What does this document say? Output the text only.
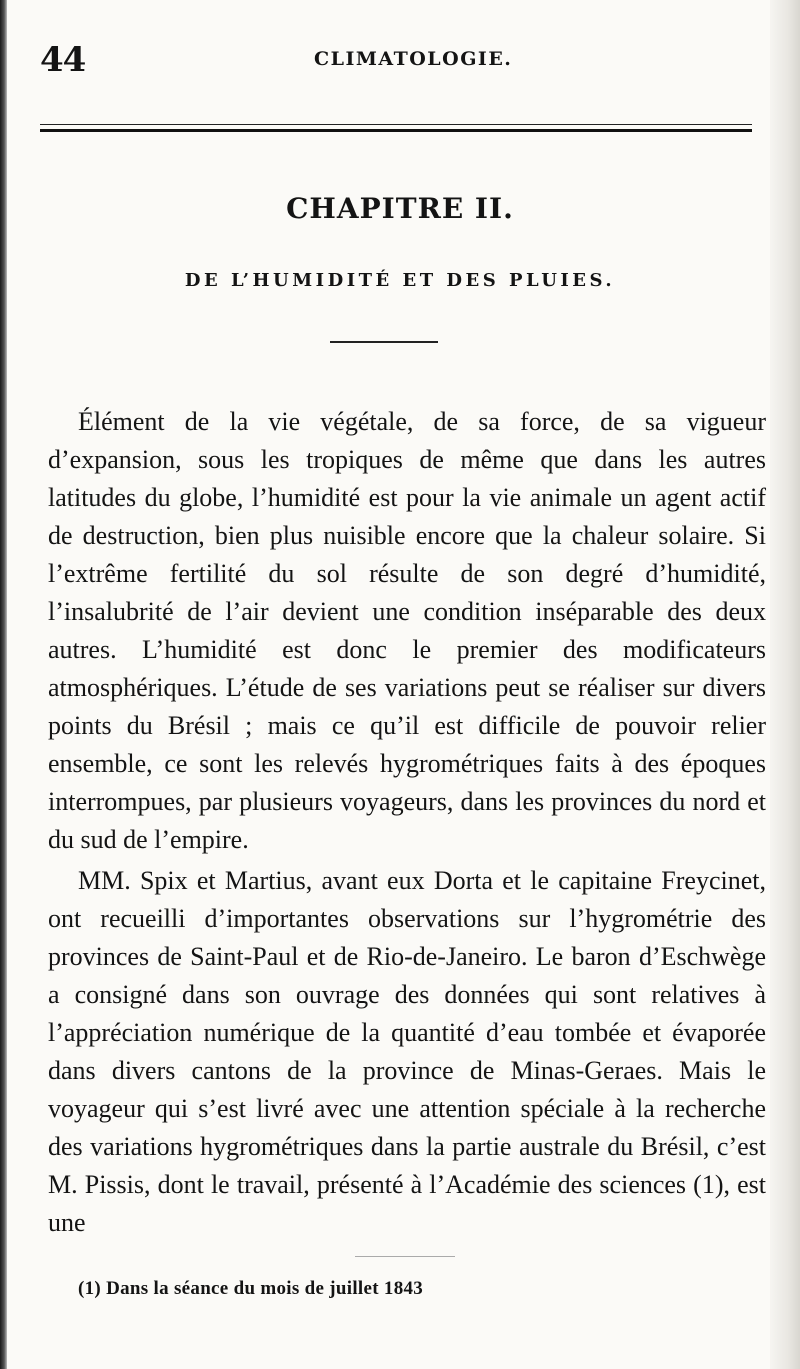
44	CLIMATOLOGIE.
CHAPITRE II.
DE L’HUMIDITÉ ET DES PLUIES.

Élément de la vie végétale, de sa force, de sa vigueur d’expansion, sous les tropiques de même que dans les autres latitudes du globe, l’humidité est pour la vie animale un agent actif de destruction, bien plus nuisible encore que la chaleur solaire. Si l’extrême fertilité du sol résulte de son degré d’humidité, l’insalubrité de l’air devient une condition inséparable des deux autres. L’humidité est donc le premier des modificateurs atmosphériques. L’étude de ses variations peut se réaliser sur divers points du Brésil ; mais ce qu’il est difficile de pouvoir relier ensemble, ce sont les relevés hygrométriques faits à des époques interrompues, par plusieurs voyageurs, dans les provinces du nord et du sud de l’empire.

MM. Spix et Martius, avant eux Dorta et le capitaine Freycinet, ont recueilli d’importantes observations sur l’hygrométrie des provinces de Saint-Paul et de Rio-de-Janeiro. Le baron d’Eschwège a consigné dans son ouvrage des données qui sont relatives à l’appréciation numérique de la quantité d’eau tombée et évaporée dans divers cantons de la province de Minas-Geraes. Mais le voyageur qui s’est livré avec une attention spéciale à la recherche des variations hygrométriques dans la partie australe du Brésil, c’est M. Pissis, dont le travail, présenté à l’Académie des sciences (1), est une

(1) Dans la séance du mois de juillet 1843
